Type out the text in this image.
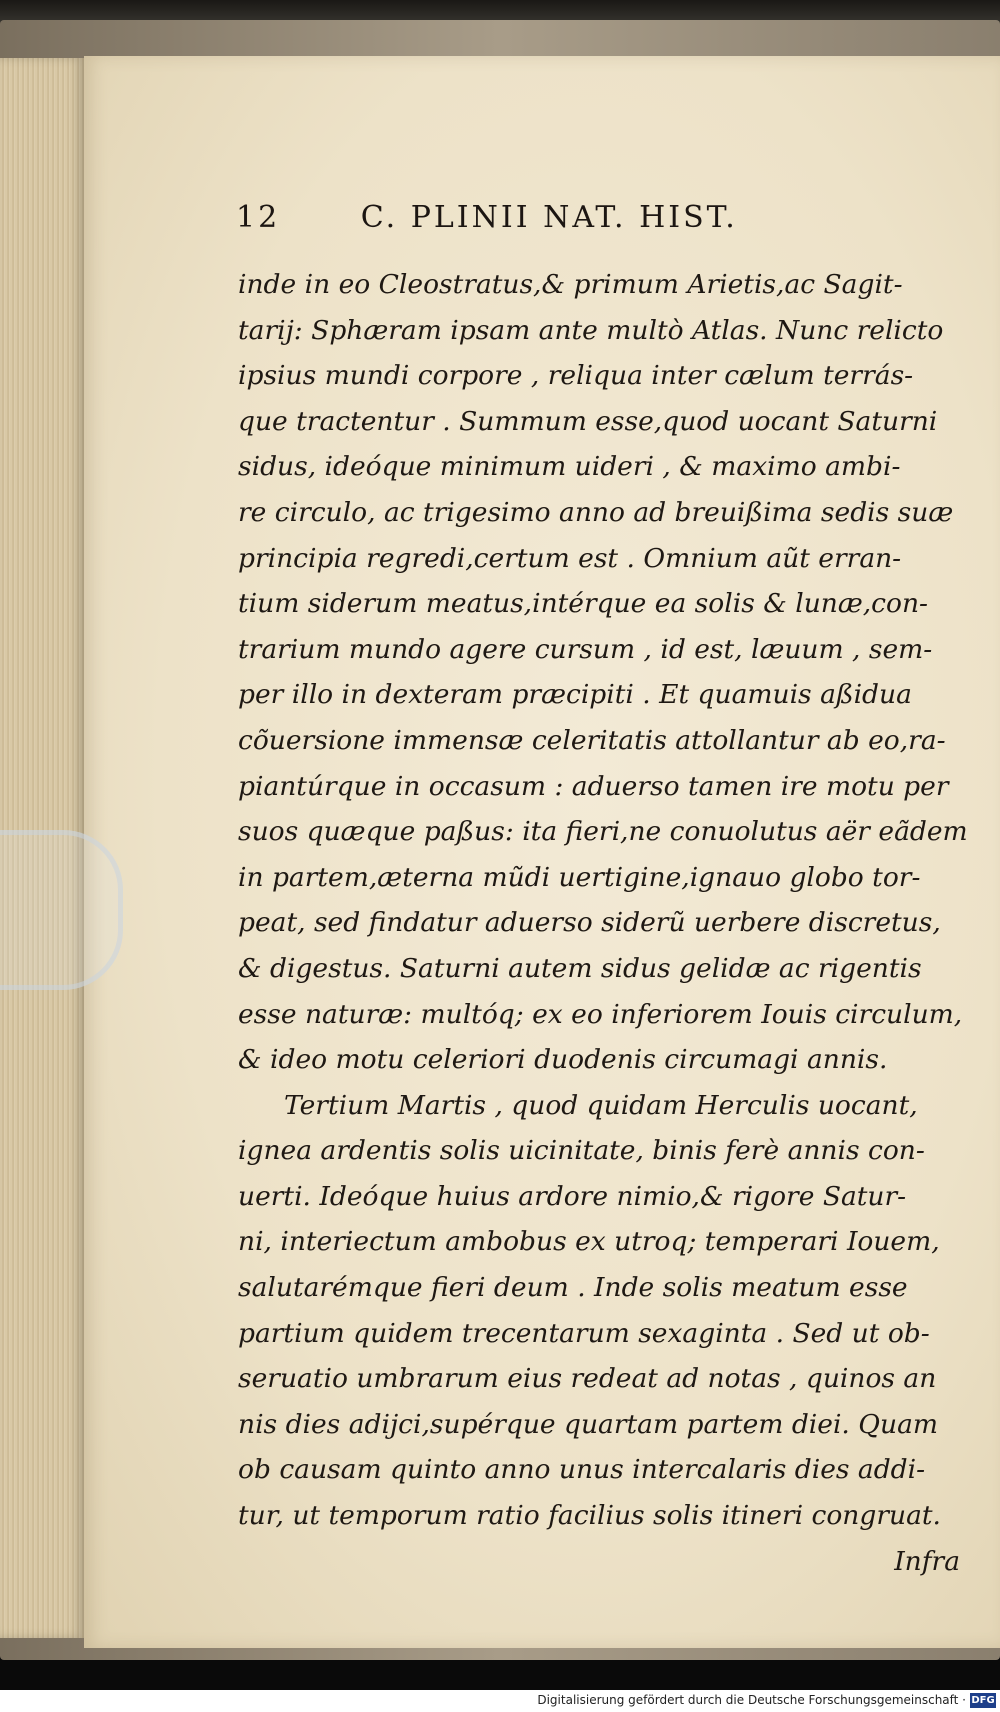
12	C. PLINII NAT. HIST.
inde in eo Cleostratus,& primum Arietis,ac Sagit-
tarij: Sphæram ipsam ante multò Atlas. Nunc relicto
ipsius mundi corpore , reliqua inter cælum terrás-
que tractentur . Summum esse,quod uocant Saturni
sidus, ideóque minimum uideri , & maximo ambi-
re circulo, ac trigesimo anno ad breuißima sedis suæ
principia regredi,certum est . Omnium aũt erran-
tium siderum meatus,intérque ea solis & lunæ,con-
trarium mundo agere cursum , id est, læuum , sem-
per illo in dexteram præcipiti . Et quamuis aßidua
cõuersione immensæ celeritatis attollantur ab eo,ra-
piantúrque in occasum : aduerso tamen ire motu per
suos quæque paßus: ita fieri,ne conuolutus aër eãdem
in partem,æterna mũdi uertigine,ignauo globo tor-
peat, sed findatur aduerso siderũ uerbere discretus,
& digestus. Saturni autem sidus gelidæ ac rigentis
esse naturæ: multóq; ex eo inferiorem Iouis circulum,
& ideo motu celeriori duodenis circumagi annis.
Tertium Martis , quod quidam Herculis uocant,
ignea ardentis solis uicinitate, binis ferè annis con-
uerti. Ideóque huius ardore nimio,& rigore Satur-
ni, interiectum ambobus ex utroq; temperari Iouem,
salutarémque fieri deum . Inde solis meatum esse
partium quidem trecentarum sexaginta . Sed ut ob-
seruatio umbrarum eius redeat ad notas , quinos an
nis dies adijci,supérque quartam partem diei. Quam
ob causam quinto anno unus intercalaris dies addi-
tur, ut temporum ratio facilius solis itineri congruat.
Infra
Digitalisierung gefördert durch die Deutsche Forschungsgemeinschaft · DFG
